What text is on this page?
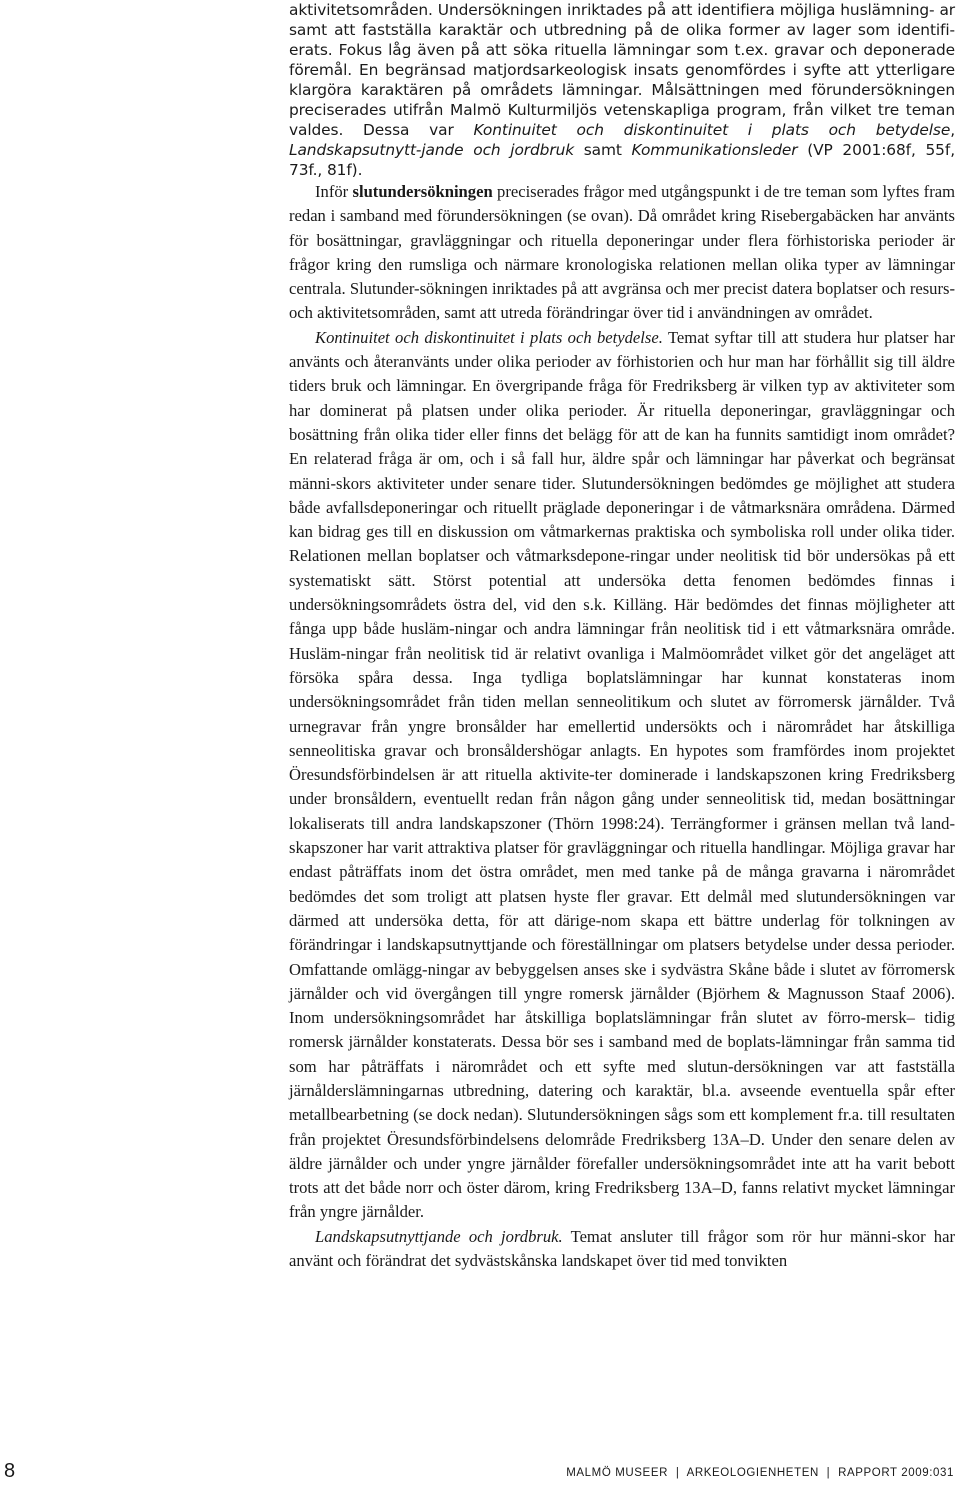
aktivitetsområden. Undersökningen inriktades på att identifiera möjliga huslämning- ar samt att fastställa karaktär och utbredning på de olika former av lager som identifi- erats. Fokus låg även på att söka rituella lämningar som t.ex. gravar och deponerade föremål. En begränsad matjordsarkeologisk insats genomfördes i syfte att ytterligare klargöra karaktären på områdets lämningar. Målsättningen med förundersökningen preciserades utifrån Malmö Kulturmiljös vetenskapliga program, från vilket tre teman valdes. Dessa var Kontinuitet och diskontinuitet i plats och betydelse, Landskapsutnytt-jande och jordbruk samt Kommunikationsleder (VP 2001:68f, 55f, 73f., 81f).

Inför slutundersökningen preciserades frågor med utgångspunkt i de tre teman som lyftes fram redan i samband med förundersökningen (se ovan). Då området kring Risebergabäcken har använts för bosättningar, gravläggningar och rituella deponeringar under flera förhistoriska perioder är frågor kring den rumsliga och närmare kronologiska relationen mellan olika typer av lämningar centrala. Slutunder-sökningen inriktades på att avgränsa och mer precist datera boplatser och resurs- och aktivitetsområden, samt att utreda förändringar över tid i användningen av området.

Kontinuitet och diskontinuitet i plats och betydelse. Temat syftar till att studera hur platser har använts och återanvänts under olika perioder av förhistorien och hur man har förhållit sig till äldre tiders bruk och lämningar. En övergripande fråga för Fredriksberg är vilken typ av aktiviteter som har dominerat på platsen under olika perioder. Är rituella deponeringar, gravläggningar och bosättning från olika tider eller finns det belägg för att de kan ha funnits samtidigt inom området? En relaterad fråga är om, och i så fall hur, äldre spår och lämningar har påverkat och begränsat männi-skors aktiviteter under senare tider. Slutundersökningen bedömdes ge möjlighet att studera både avfallsdeponeringar och rituellt präglade deponeringar i de våtmarksnära områdena. Därmed kan bidrag ges till en diskussion om våtmarkernas praktiska och symboliska roll under olika tider. Relationen mellan boplatser och våtmarksdepone-ringar under neolitisk tid bör undersökas på ett systematiskt sätt. Störst potential att undersöka detta fenomen bedömdes finnas i undersökningsområdets östra del, vid den s.k. Killäng. Här bedömdes det finnas möjligheter att fånga upp både husläm-ningar och andra lämningar från neolitisk tid i ett våtmarksnära område. Husläm-ningar från neolitisk tid är relativt ovanliga i Malmöområdet vilket gör det angeläget att försöka spåra dessa. Inga tydliga boplatslämningar har kunnat konstateras inom undersökningsområdet från tiden mellan senneolitikum och slutet av förromersk järnålder. Två urnegravar från yngre bronsålder har emellertid undersökts och i närområdet har åtskilliga senneolitiska gravar och bronsåldershögar anlagts. En hypotes som framfördes inom projektet Öresundsförbindelsen är att rituella aktivite-ter dominerade i landskapszonen kring Fredriksberg under bronsåldern, eventuellt redan från någon gång under senneolitisk tid, medan bosättningar lokaliserats till andra landskapszoner (Thörn 1998:24). Terrängformer i gränsen mellan två land-skapszoner har varit attraktiva platser för gravläggningar och rituella handlingar. Möjliga gravar har endast påträffats inom det östra området, men med tanke på de många gravarna i närområdet bedömdes det som troligt att platsen hyste fler gravar. Ett delmål med slutundersökningen var därmed att undersöka detta, för att därige-nom skapa ett bättre underlag för tolkningen av förändringar i landskapsutnyttjande och föreställningar om platsers betydelse under dessa perioder. Omfattande omlägg-ningar av bebyggelsen anses ske i sydvästra Skåne både i slutet av förromersk järnålder och vid övergången till yngre romersk järnålder (Björhem & Magnusson Staaf 2006). Inom undersökningsområdet har åtskilliga boplatslämningar från slutet av förro-mersk– tidig romersk järnålder konstaterats. Dessa bör ses i samband med de boplats-lämningar från samma tid som har påträffats i närområdet och ett syfte med slutun-dersökningen var att fastställa järnålderslämningarnas utbredning, datering och karaktär, bl.a. avseende eventuella spår efter metallbearbetning (se dock nedan). Slutundersökningen sågs som ett komplement fr.a. till resultaten från projektet Öresundsförbindelsens delområde Fredriksberg 13A–D. Under den senare delen av äldre järnålder och under yngre järnålder förefaller undersökningsområdet inte att ha varit bebott trots att det både norr och öster därom, kring Fredriksberg 13A–D, fanns relativt mycket lämningar från yngre järnålder.

Landskapsutnyttjande och jordbruk. Temat ansluter till frågor som rör hur männi-skor har använt och förändrat det sydvästskånska landskapet över tid med tonvikten

8	MALMÖ MUSEER | ARKEOLOGIENHETEN | RAPPORT 2009:031
